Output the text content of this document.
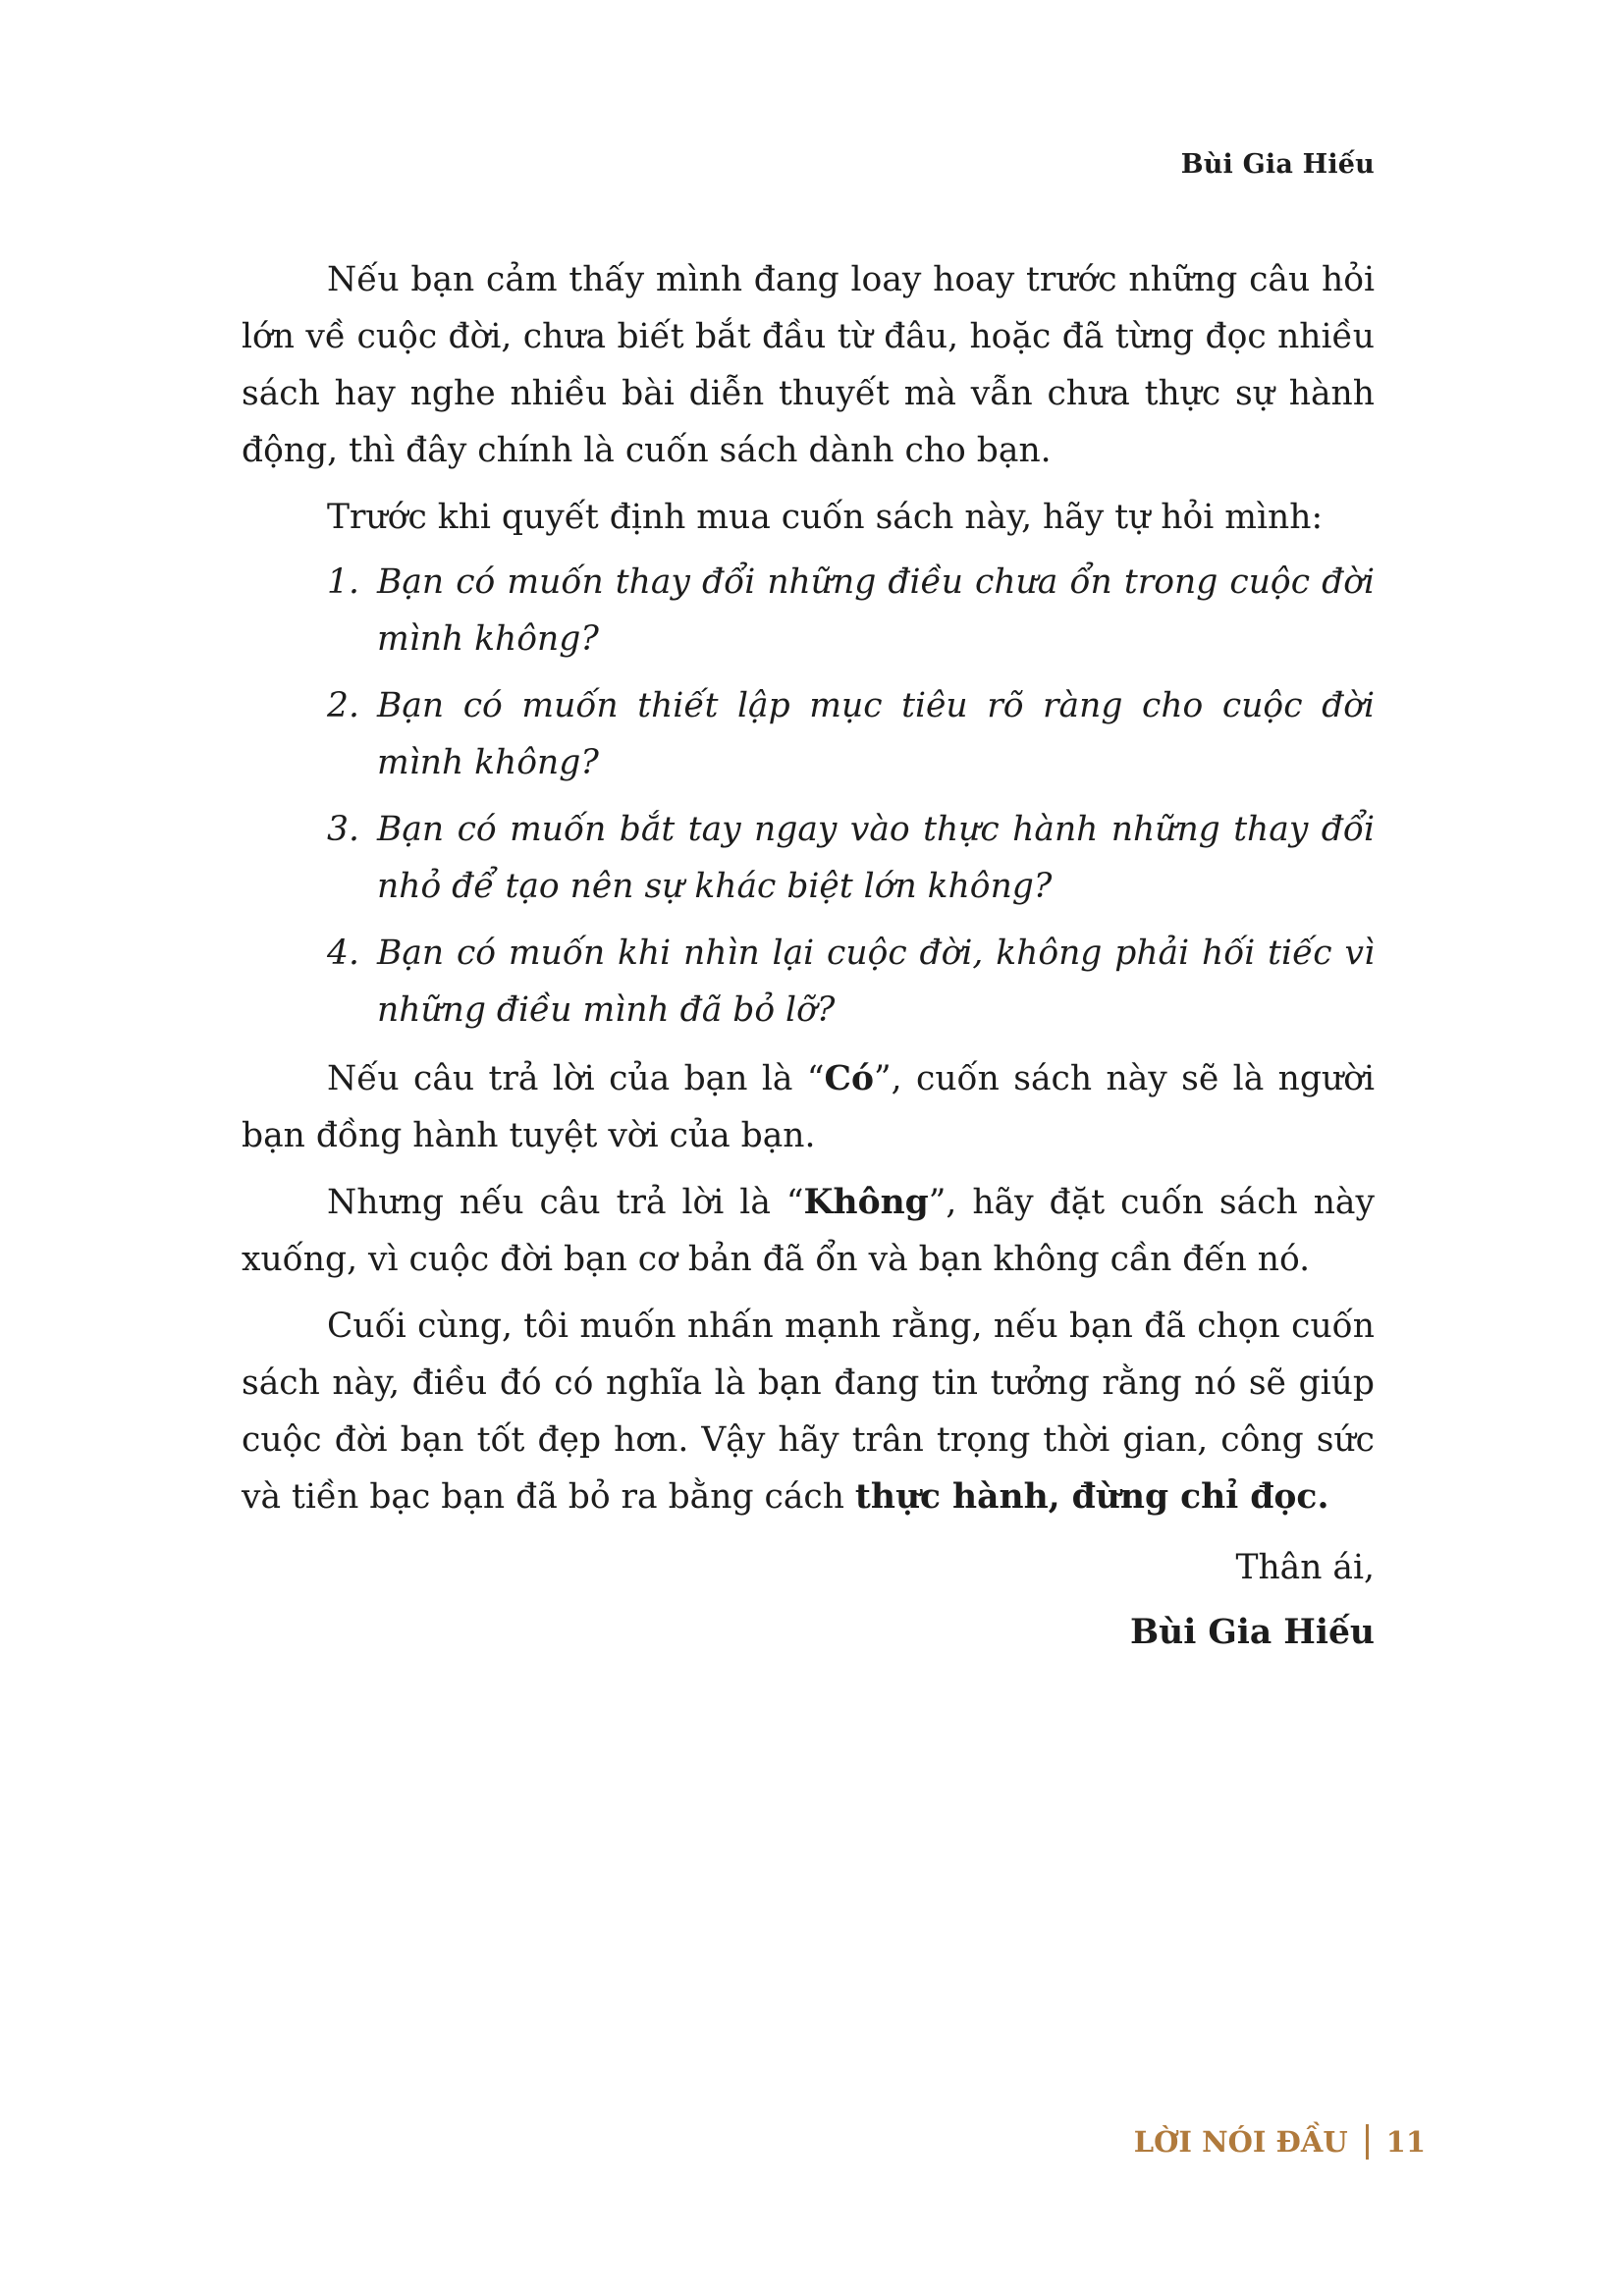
Bùi Gia Hiếu

Nếu bạn cảm thấy mình đang loay hoay trước những câu hỏi lớn về cuộc đời, chưa biết bắt đầu từ đâu, hoặc đã từng đọc nhiều sách hay nghe nhiều bài diễn thuyết mà vẫn chưa thực sự hành động, thì đây chính là cuốn sách dành cho bạn.

Trước khi quyết định mua cuốn sách này, hãy tự hỏi mình:

1. Bạn có muốn thay đổi những điều chưa ổn trong cuộc đời mình không?
2. Bạn có muốn thiết lập mục tiêu rõ ràng cho cuộc đời mình không?
3. Bạn có muốn bắt tay ngay vào thực hành những thay đổi nhỏ để tạo nên sự khác biệt lớn không?
4. Bạn có muốn khi nhìn lại cuộc đời, không phải hối tiếc vì những điều mình đã bỏ lỡ?

Nếu câu trả lời của bạn là “Có”, cuốn sách này sẽ là người bạn đồng hành tuyệt vời của bạn.

Nhưng nếu câu trả lời là “Không”, hãy đặt cuốn sách này xuống, vì cuộc đời bạn cơ bản đã ổn và bạn không cần đến nó.

Cuối cùng, tôi muốn nhấn mạnh rằng, nếu bạn đã chọn cuốn sách này, điều đó có nghĩa là bạn đang tin tưởng rằng nó sẽ giúp cuộc đời bạn tốt đẹp hơn. Vậy hãy trân trọng thời gian, công sức và tiền bạc bạn đã bỏ ra bằng cách thực hành, đừng chỉ đọc.

Thân ái,
Bùi Gia Hiếu
LỜI NÓI ĐẦU 11
